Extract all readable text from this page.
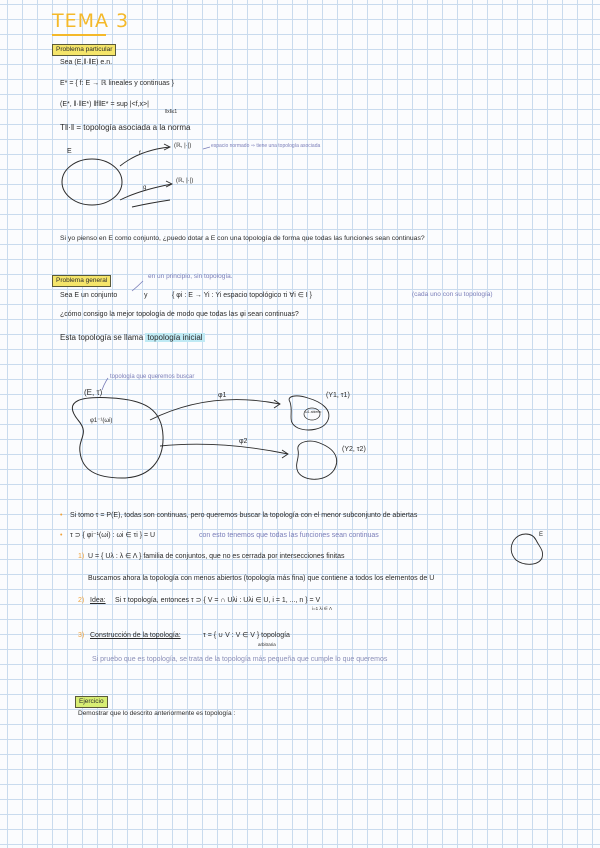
TEMA 3
Problema particular
Sea (E,‖·‖E) e.n.
E* = { f: E → ℝ lineales y continuas }
(E*, ‖·‖E*) ‖f‖E* = sup |<f,x>|
‖x‖≤1
T‖·‖ = topología asociada a la norma
E	f
g
(ℝ, |·|)
(ℝ, |·|)
espacio normado ⇒ tiene una topología asociada
Si yo pienso en E como conjunto, ¿puedo dotar a E con una topología de forma que todas las funciones sean continuas?
Problema general
en un principio, sin topología.
Sea E un conjunto	y	{ φi : E → Yi : Yi espacio topológico τi ∀i ∈ I }	(cada uno con su topología)
¿cómo consigo la mejor topología de modo que todas las φi sean continuas?
Esta topología se llama topología inicial
topología que queremos buscar
(E, τ)
φ1⁻¹(ωi)
φ1
φ2
(Y1, τ1)
(Y2, τ2)
ω1 abierto
• Si tomo τ = P(E), todas son continuas, pero queremos buscar la topología con el menor subconjunto de abiertas
• τ ⊃ { φi⁻¹(ωi) : ωi ∈ τi } = U	con esto tenemos que todas las funciones sean continuas
1) U = { Uλ : λ ∈ Λ } familia de conjuntos, que no es cerrada por intersecciones finitas
E
Buscamos ahora la topología con menos abiertos (topología más fina) que contiene a todos los elementos de U
2) Idea: Si τ topología, entonces τ ⊃ { V = ∩ Uλi : Uλi ∈ U, i = 1, ..., n } = V
i=1 λi ∈ Λ
3) Construcción de la topología:	τ = { ∪ V : V ∈ V } topología
arbitraria
Si pruebo que es topología, se trata de la topología más pequeña que cumple lo que queremos
Ejercicio
Demostrar que lo descrito anteriormente es topología :
